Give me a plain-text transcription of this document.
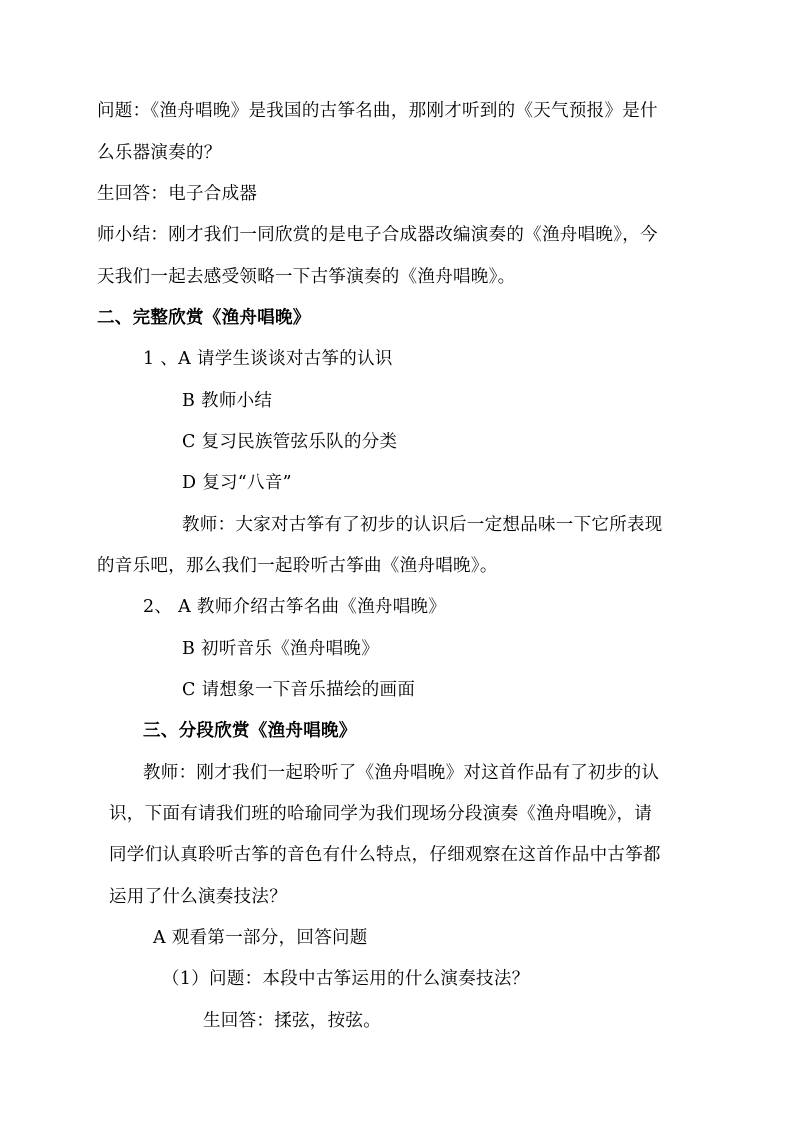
问题：《渔舟唱晚》是我国的古筝名曲，那刚才听到的《天气预报》是什
么乐器演奏的？
生回答：电子合成器
师小结：刚才我们一同欣赏的是电子合成器改编演奏的《渔舟唱晚》，今
天我们一起去感受领略一下古筝演奏的《渔舟唱晚》。
二、完整欣赏《渔舟唱晚》
1 、A 请学生谈谈对古筝的认识
B 教师小结
C 复习民族管弦乐队的分类
D 复习“八音”
教师：大家对古筝有了初步的认识后一定想品味一下它所表现
的音乐吧，那么我们一起聆听古筝曲《渔舟唱晚》。
2、 A 教师介绍古筝名曲《渔舟唱晚》
B 初听音乐《渔舟唱晚》
C 请想象一下音乐描绘的画面
三、分段欣赏《渔舟唱晚》
教师：刚才我们一起聆听了《渔舟唱晚》对这首作品有了初步的认
识，下面有请我们班的哈瑜同学为我们现场分段演奏《渔舟唱晚》，请
同学们认真聆听古筝的音色有什么特点，仔细观察在这首作品中古筝都
运用了什么演奏技法？
A 观看第一部分，回答问题
（1）问题：本段中古筝运用的什么演奏技法？
生回答：揉弦，按弦。
